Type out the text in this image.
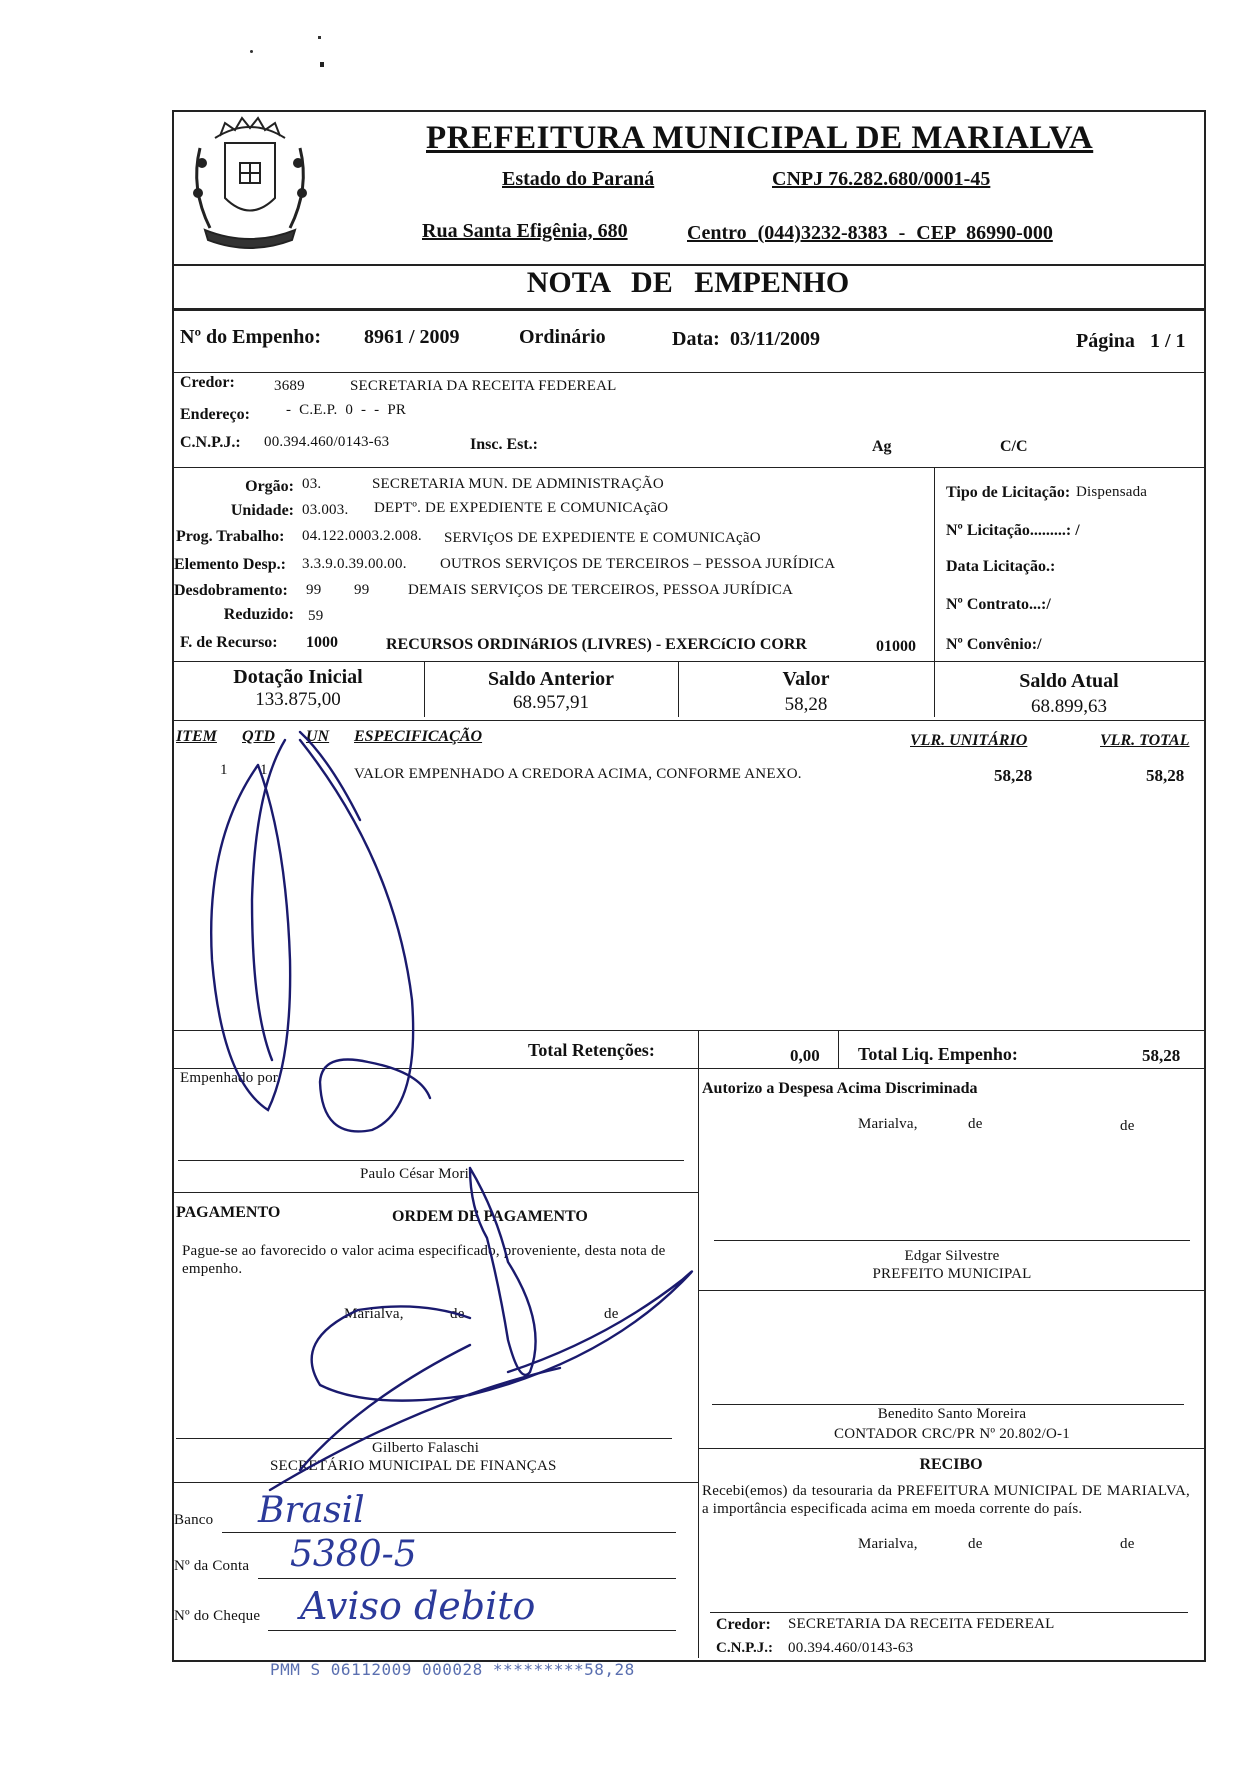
PREFEITURA MUNICIPAL DE MARIALVA
Estado do Paraná	CNPJ 76.282.680/0001-45
Rua Santa Efigênia, 680	Centro (044)3232-8383 - CEP 86990-000
NOTA DE EMPENHO
Nº do Empenho: 8961 / 2009	Ordinário	Data: 03/11/2009	Página 1 / 1
Credor:	3689	SECRETARIA DA RECEITA FEDEREAL
Endereço: - C.E.P. 0 - - PR
C.N.P.J.: 00.394.460/0143-63	Insc. Est.:	Ag	C/C
Orgão: 03.	SECRETARIA MUN. DE ADMINISTRAÇÃO
Unidade: 03.003. DEPTº. DE EXPEDIENTE E COMUNICAçãO
Prog. Trabalho: 04.122.0003.2.008. SERVIçOS DE EXPEDIENTE E COMUNICAçãO
Elemento Desp.: 3.3.9.0.39.00.00. OUTROS SERVIÇOS DE TERCEIROS – PESSOA JURÍDICA
Desdobramento: 99 99	DEMAIS SERVIÇOS DE TERCEIROS, PESSOA JURÍDICA
Reduzido: 59
F. de Recurso: 1000	RECURSOS ORDINáRIOS (LIVRES) - EXERCíCIO CORR	01000
Tipo de Licitação: Dispensada
Nº Licitação.........: /
Data Licitação.:
Nº Contrato...:/
Nº Convênio:/
Dotação Inicial
133.875,00
Saldo Anterior
68.957,91
Valor
58,28
Saldo Atual
68.899,63
ITEM QTD UN ESPECIFICAÇÃO	VLR. UNITÁRIO	VLR. TOTAL
1 1	VALOR EMPENHADO A CREDORA ACIMA, CONFORME ANEXO.	58,28	58,28
Total Retenções:	0,00 Total Liq. Empenho:	58,28
Empenhado por
Paulo César Mori
Autorizo a Despesa Acima Discriminada
Marialva,	de	de
Edgar Silvestre
PREFEITO MUNICIPAL
PAGAMENTO	ORDEM DE PAGAMENTO
Pague-se ao favorecido o valor acima especificado, proveniente, desta nota de empenho.
Marialva,	de	de
Gilberto Falaschi
SECRETÁRIO MUNICIPAL DE FINANÇAS
Benedito Santo Moreira
CONTADOR CRC/PR Nº 20.802/O-1
RECIBO
Recebi(emos) da tesouraria da PREFEITURA MUNICIPAL DE MARIALVA, a importância especificada acima em moeda corrente do país.
Marialva,	de	de
Credor: SECRETARIA DA RECEITA FEDEREAL
C.N.P.J.: 00.394.460/0143-63
Banco Brasil
Nº da Conta 5380-5
Nº do Cheque Aviso debito
PMM S 06112009 000028 *********58,28
